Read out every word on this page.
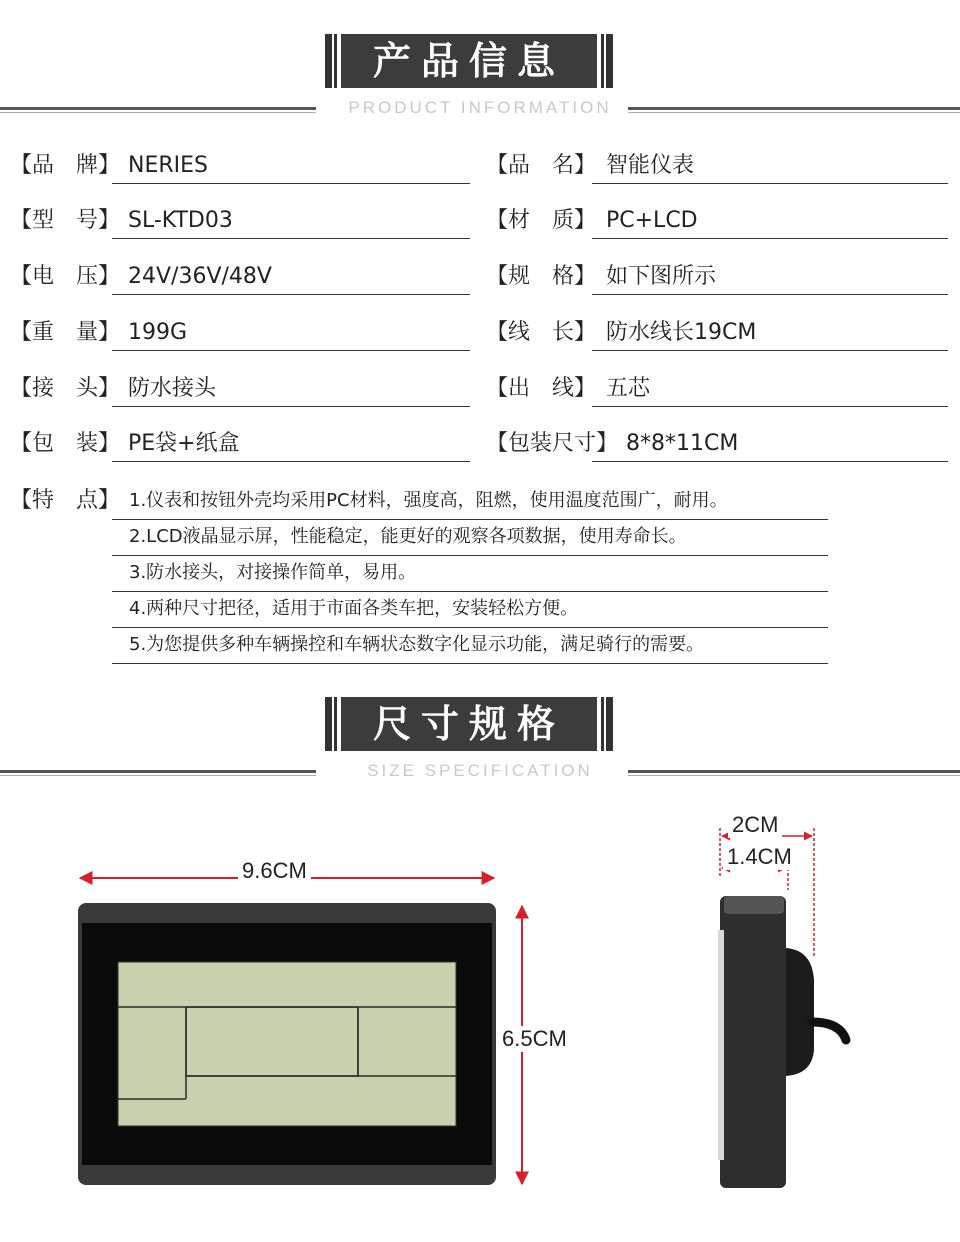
产品信息
PRODUCT INFORMATION
【品　牌】 NERIES
【型　号】 SL-KTD03
【电　压】 24V/36V/48V
【重　量】 199G
【接　头】 防水接头
【包　装】 PE袋+纸盒
【品　名】 智能仪表
【材　质】 PC+LCD
【规　格】 如下图所示
【线　长】 防水线长19CM
【出　线】 五芯
【包装尺寸】 8*8*11CM
【特　点】 1.仪表和按钮外壳均采用PC材料，强度高，阻燃，使用温度范围广，耐用。
2.LCD液晶显示屏，性能稳定，能更好的观察各项数据，使用寿命长。
3.防水接头，对接操作简单，易用。
4.两种尺寸把径，适用于市面各类车把，安装轻松方便。
5.为您提供多种车辆操控和车辆状态数字化显示功能，满足骑行的需要。
尺寸规格
SIZE SPECIFICATION
9.6CM
6.5CM
2CM
1.4CM
